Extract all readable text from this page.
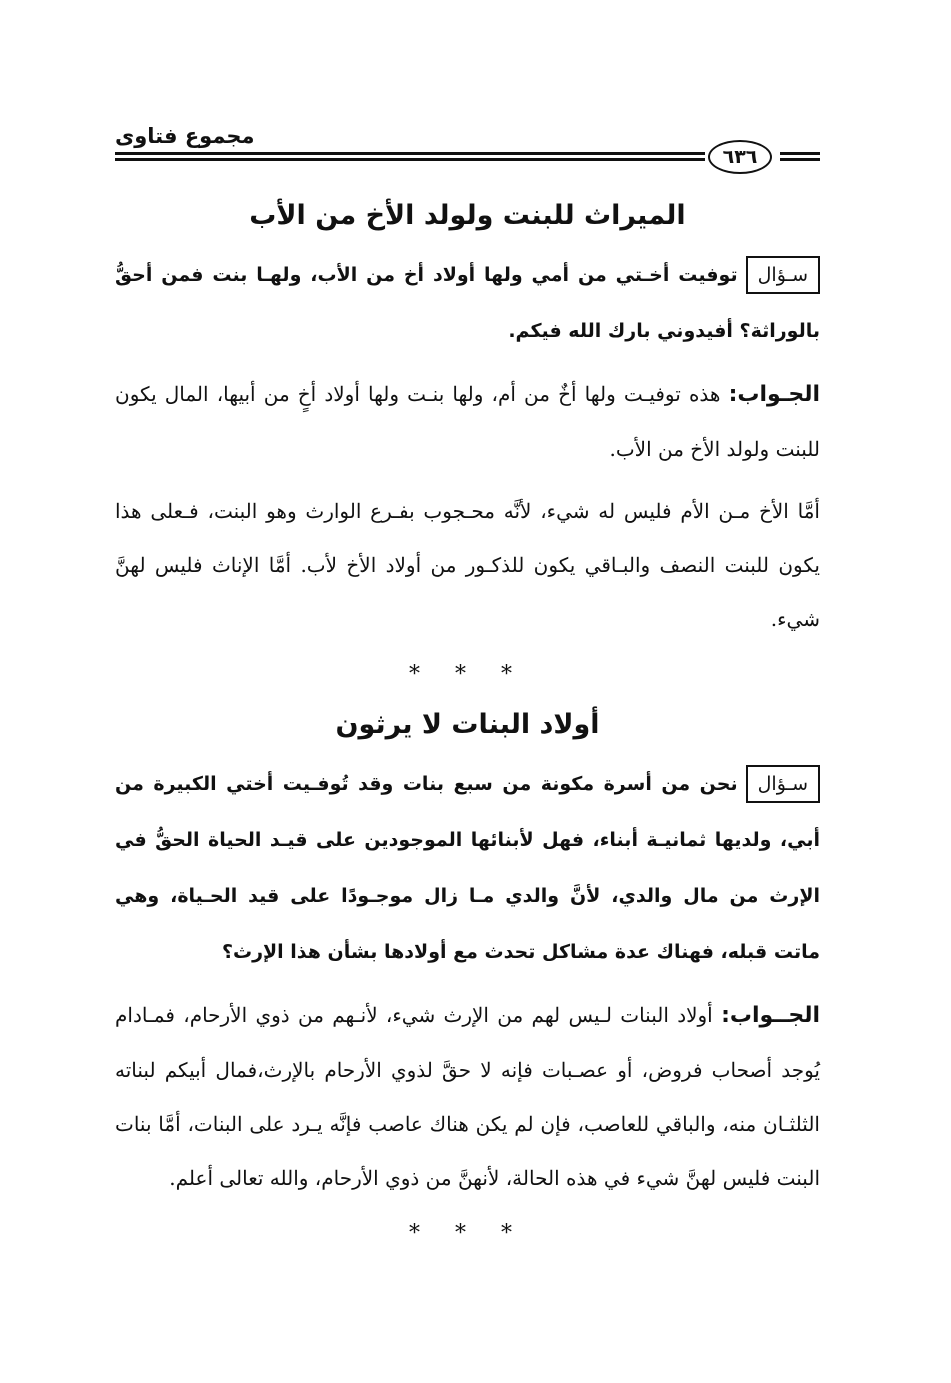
مجموع فتاوى
٦٣٦
الميراث للبنت ولولد الأخ من الأب

سـؤالتوفيت أخـتي من أمي ولها أولاد أخ من الأب، ولهـا بنت فمن أحقُّ بالوراثة؟ أفيدوني بارك الله فيكم.

الجـواب: هذه توفيـت ولها أخٌ من أم، ولها بنـت ولها أولاد أخٍ من أبيها، المال يكون للبنت ولولد الأخ من الأب.

أمَّا الأخ مـن الأم فليس له شيء، لأنَّه محـجوب بفـرع الوارث وهو البنت، فـعلى هذا يكون للبنت النصف والبـاقي يكون للذكـور من أولاد الأخ لأب. أمَّا الإناث فليس لهنَّ شيء.

* * *
أولاد البنات لا يرثون

سـؤالنحن من أسرة مكونة من سبع بنات وقد تُوفـيت أختي الكبيرة من أبي، ولديها ثمانيـة أبناء، فهل لأبنائها الموجودين على قيـد الحياة الحقُّ في الإرث من مال والدي، لأنَّ والدي مـا زال موجـودًا على قيد الحـياة، وهي ماتت قبله، فهناك عدة مشاكل تحدث مع أولادها بشأن هذا الإرث؟

الجــواب: أولاد البنات لـيس لهم من الإرث شيء، لأنـهم من ذوي الأرحام، فمـادام يُوجد أصحاب فروض، أو عصـبات فإنه لا حقَّ لذوي الأرحام بالإرث،فمال أبيكم لبناته الثلثـان منه، والباقي للعاصب، فإن لم يكن هناك عاصب فإنَّه يـرد على البنات، أمَّا بنات البنت فليس لهنَّ شيء في هذه الحالة، لأنهنَّ من ذوي الأرحام، والله تعالى أعلم.

* * *
